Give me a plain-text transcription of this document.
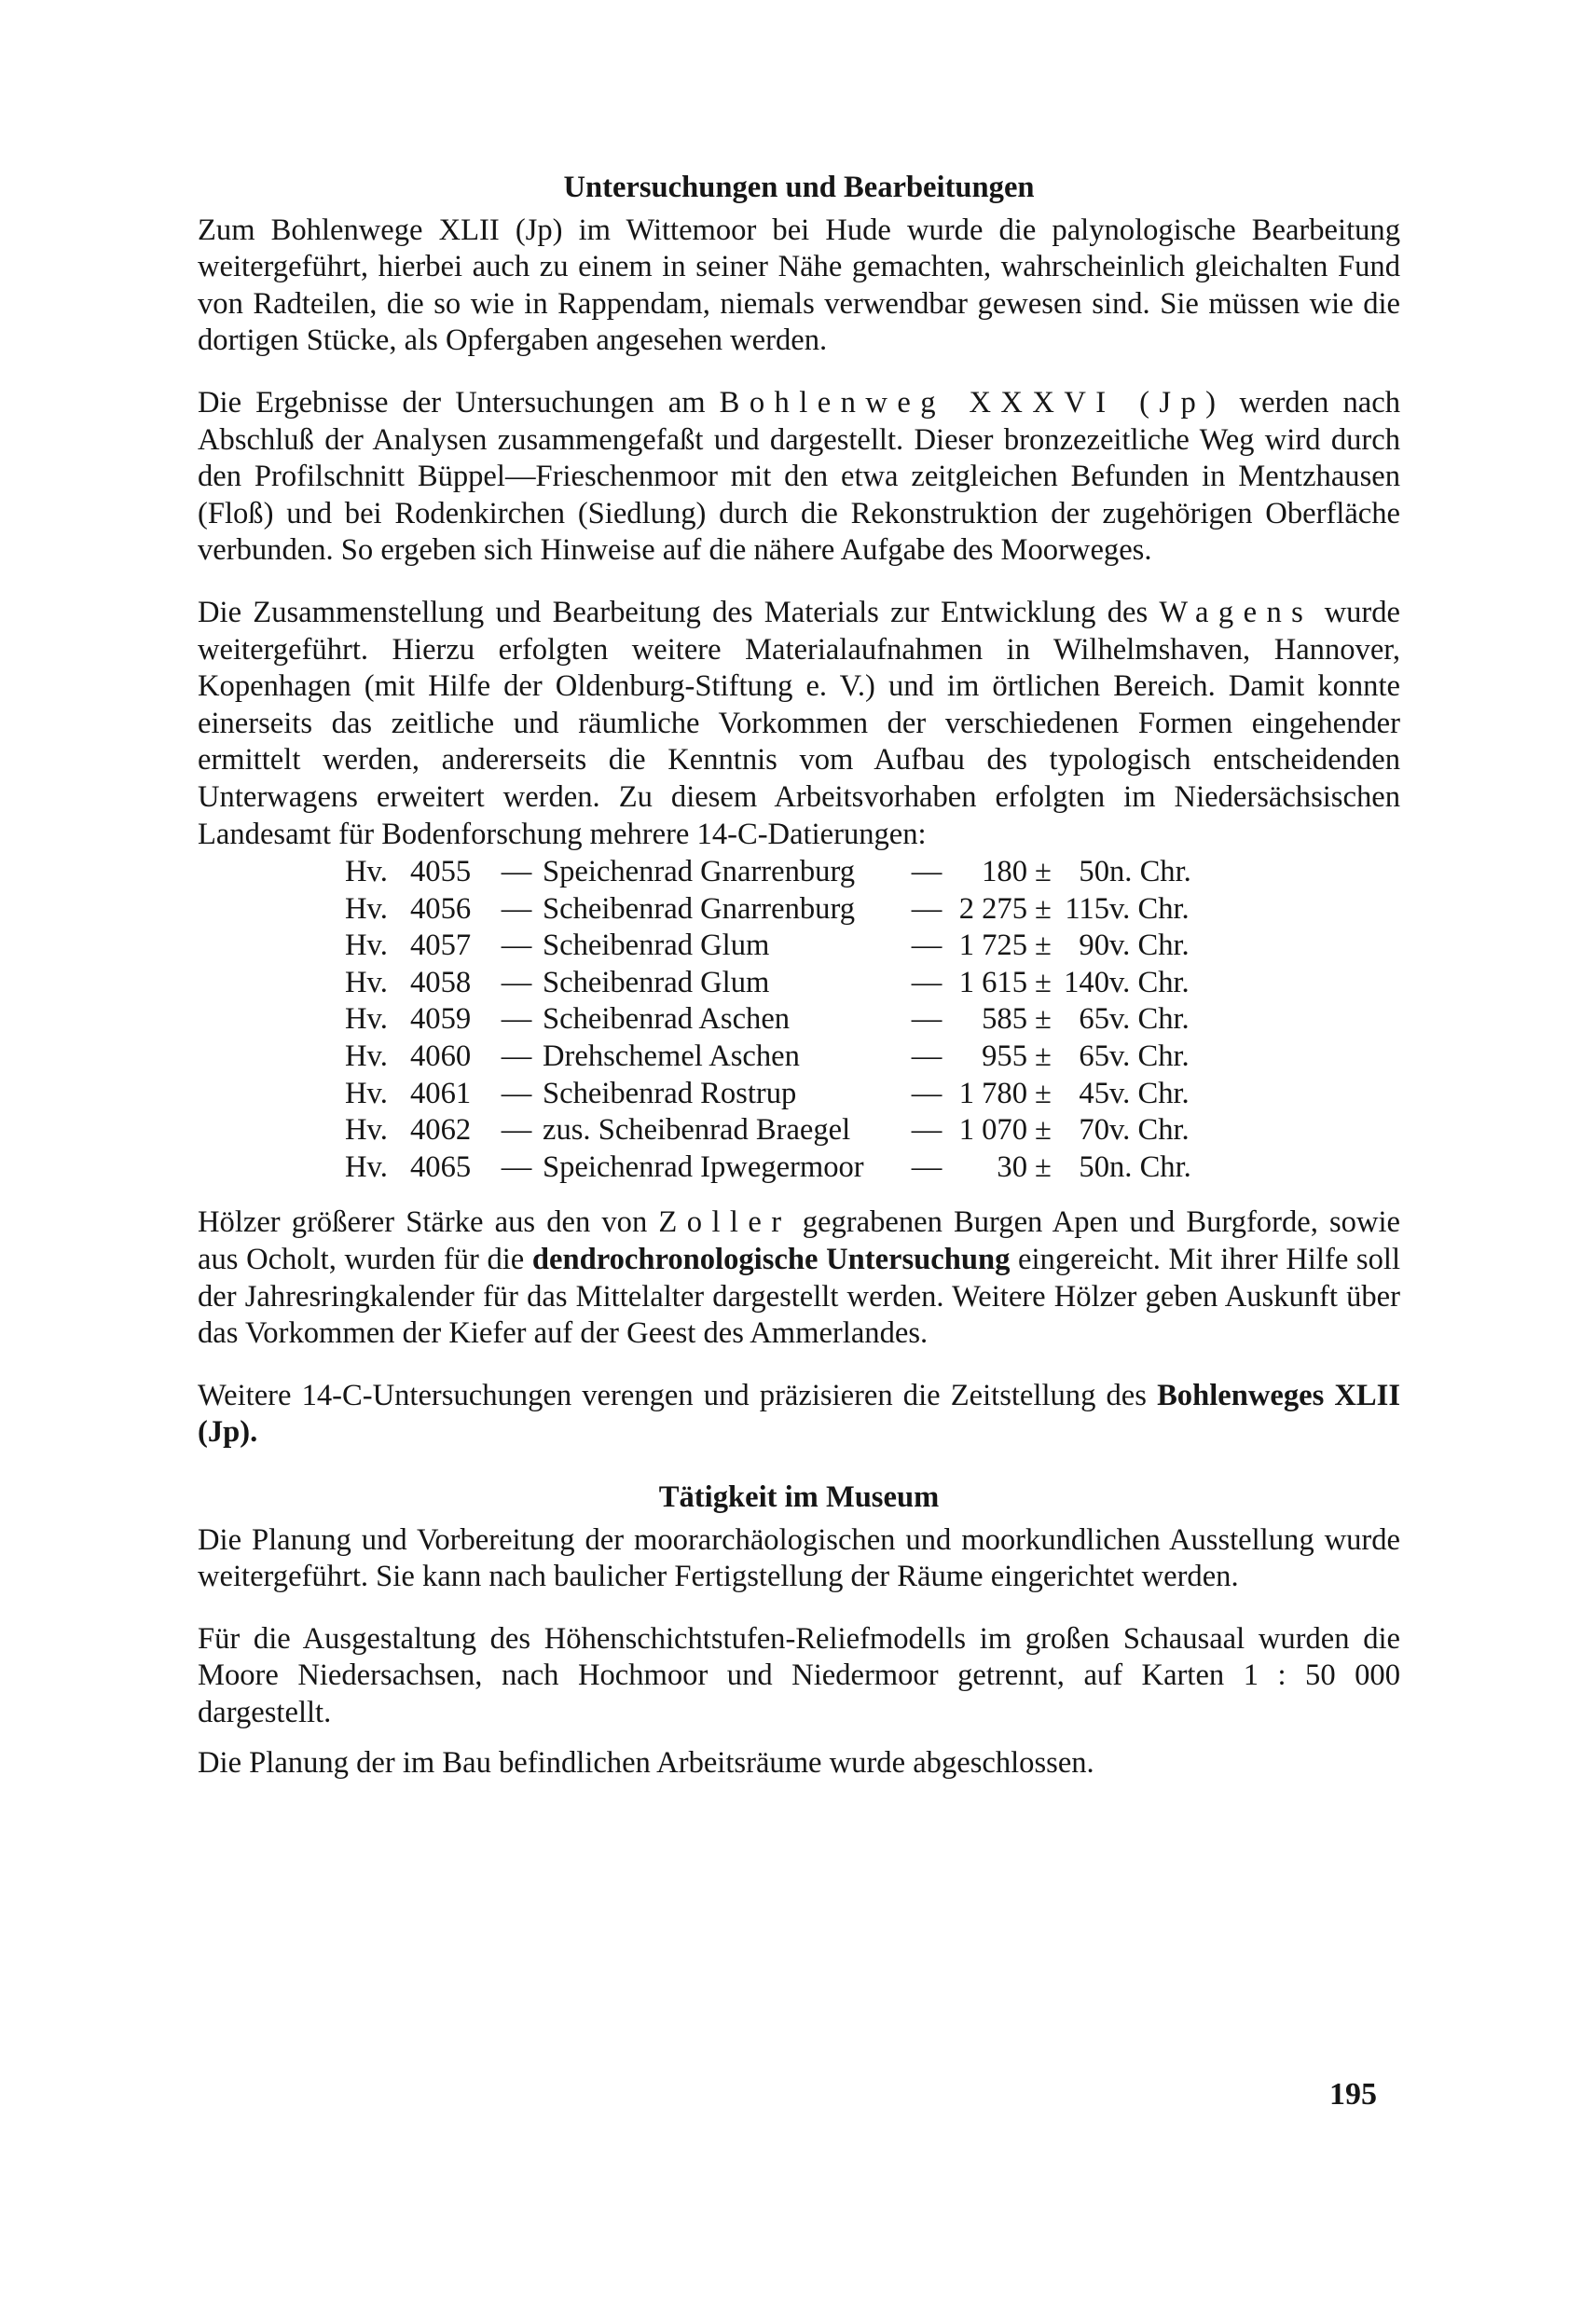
Untersuchungen und Bearbeitungen

Zum Bohlenwege XLII (Jp) im Wittemoor bei Hude wurde die palynologische Bearbeitung weitergeführt, hierbei auch zu einem in seiner Nähe gemachten, wahrscheinlich gleichalten Fund von Radteilen, die so wie in Rappendam, niemals verwendbar gewesen sind. Sie müssen wie die dortigen Stücke, als Opfergaben angesehen werden.

Die Ergebnisse der Untersuchungen am Bohlenweg XXXVI (Jp) werden nach Abschluß der Analysen zusammengefaßt und dargestellt. Dieser bronzezeitliche Weg wird durch den Profilschnitt Büppel—Frieschenmoor mit den etwa zeitgleichen Befunden in Mentzhausen (Floß) und bei Rodenkirchen (Siedlung) durch die Rekonstruktion der zugehörigen Oberfläche verbunden. So ergeben sich Hinweise auf die nähere Aufgabe des Moorweges.

Die Zusammenstellung und Bearbeitung des Materials zur Entwicklung des Wagens wurde weitergeführt. Hierzu erfolgten weitere Materialaufnahmen in Wilhelmshaven, Hannover, Kopenhagen (mit Hilfe der Oldenburg-Stiftung e. V.) und im örtlichen Bereich. Damit konnte einerseits das zeitliche und räumliche Vorkommen der verschiedenen Formen eingehender ermittelt werden, andererseits die Kenntnis vom Aufbau des typologisch entscheidenden Unterwagens erweitert werden. Zu diesem Arbeitsvorhaben erfolgten im Niedersächsischen Landesamt für Bodenforschung mehrere 14-C-Datierungen:

Hv.	4055	—	Speichenrad Gnarrenburg	—	180	±	50	n. Chr.
Hv.	4056	—	Scheibenrad Gnarrenburg	—	2 275	±	115	v. Chr.
Hv.	4057	—	Scheibenrad Glum	—	1 725	±	90	v. Chr.
Hv.	4058	—	Scheibenrad Glum	—	1 615	±	140	v. Chr.
Hv.	4059	—	Scheibenrad Aschen	—	585	±	65	v. Chr.
Hv.	4060	—	Drehschemel Aschen	—	955	±	65	v. Chr.
Hv.	4061	—	Scheibenrad Rostrup	—	1 780	±	45	v. Chr.
Hv.	4062	—	zus. Scheibenrad Braegel	—	1 070	±	70	v. Chr.
Hv.	4065	—	Speichenrad Ipwegermoor	—	30	±	50	n. Chr.

Hölzer größerer Stärke aus den von Zoller gegrabenen Burgen Apen und Burgforde, sowie aus Ocholt, wurden für die dendrochronologische Untersuchung eingereicht. Mit ihrer Hilfe soll der Jahresringkalender für das Mittelalter dargestellt werden. Weitere Hölzer geben Auskunft über das Vorkommen der Kiefer auf der Geest des Ammerlandes.

Weitere 14-C-Untersuchungen verengen und präzisieren die Zeitstellung des Bohlenweges XLII (Jp).

Tätigkeit im Museum

Die Planung und Vorbereitung der moorarchäologischen und moorkundlichen Ausstellung wurde weitergeführt. Sie kann nach baulicher Fertigstellung der Räume eingerichtet werden.

Für die Ausgestaltung des Höhenschichtstufen-Reliefmodells im großen Schausaal wurden die Moore Niedersachsen, nach Hochmoor und Niedermoor getrennt, auf Karten 1 : 50 000 dargestellt.

Die Planung der im Bau befindlichen Arbeitsräume wurde abgeschlossen.

195
